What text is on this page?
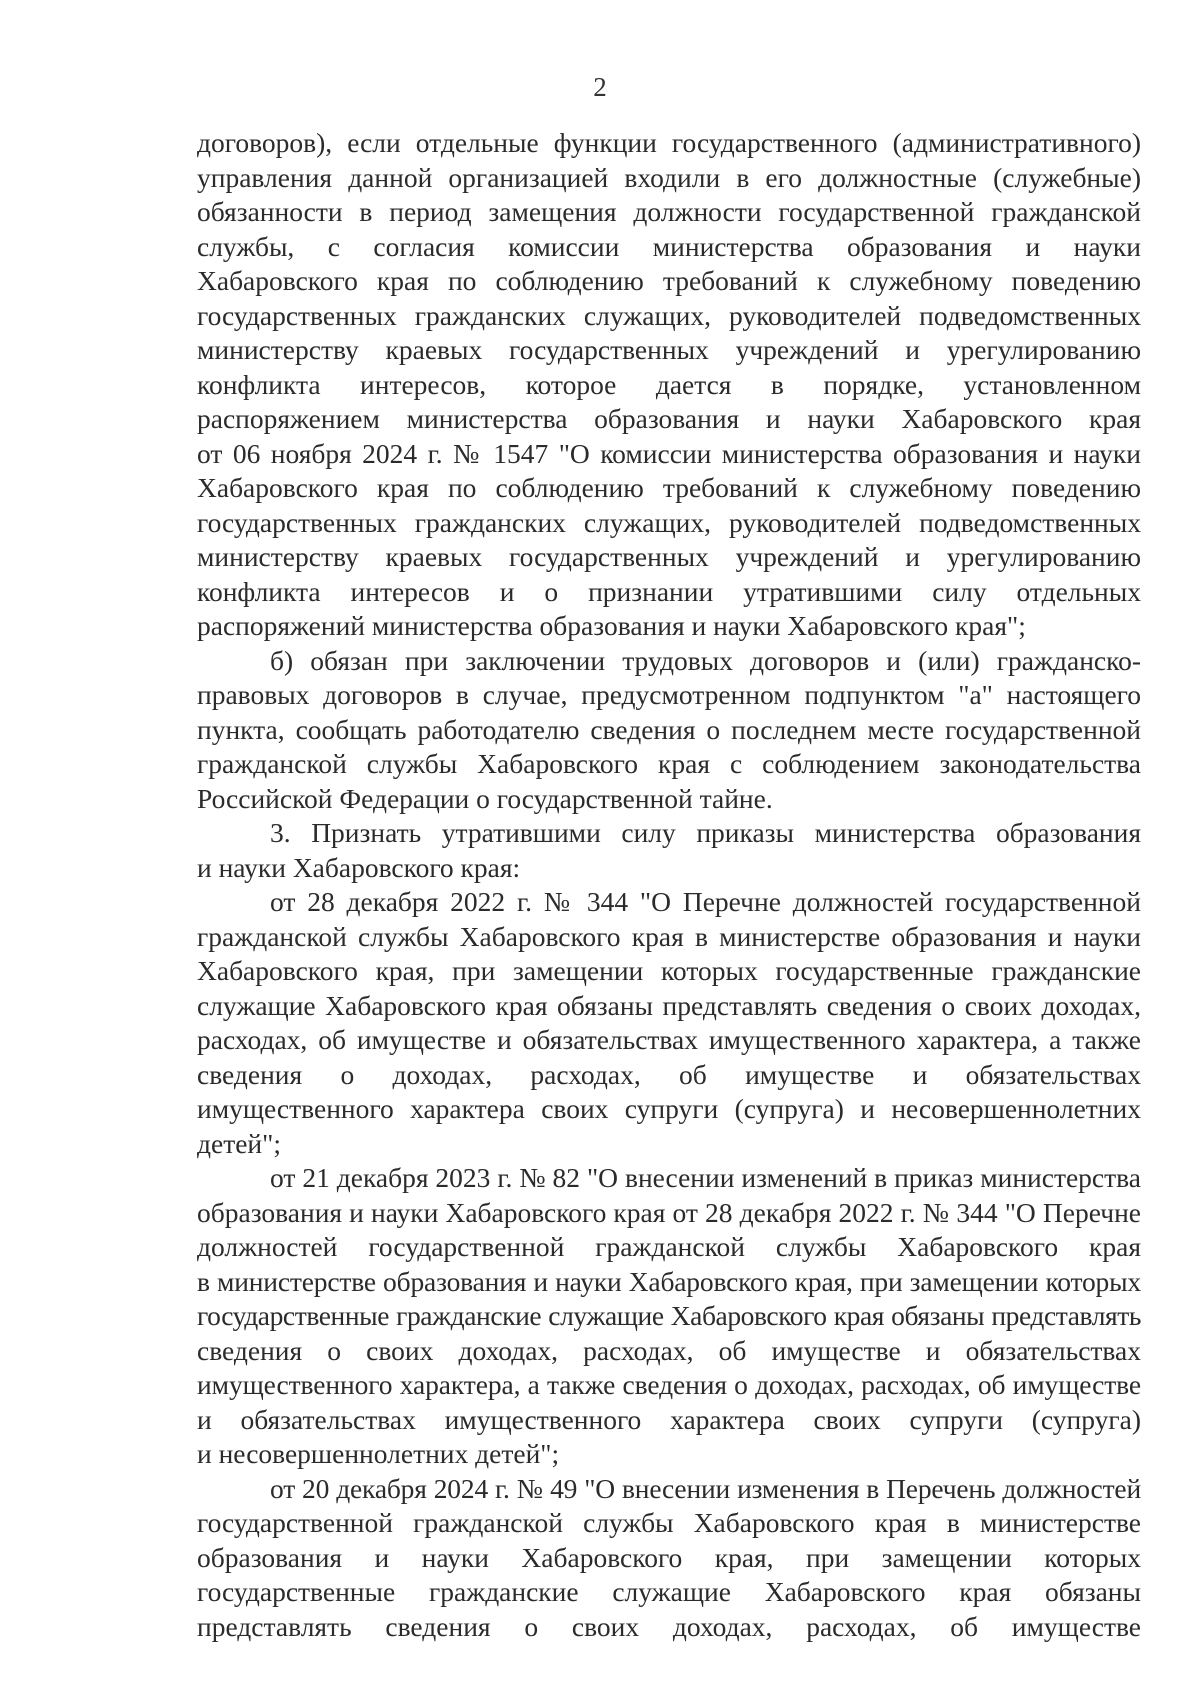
2
договоров), если отдельные функции государственного (административного)
управления данной организацией входили в его должностные (служебные)
обязанности в период замещения должности государственной гражданской
службы, с согласия комиссии министерства образования и науки
Хабаровского края по соблюдению требований к служебному поведению
государственных гражданских служащих, руководителей подведомственных
министерству краевых государственных учреждений и урегулированию
конфликта интересов, которое дается в порядке, установленном
распоряжением министерства образования и науки Хабаровского края
от 06 ноября 2024 г. № 1547 "О комиссии министерства образования и науки
Хабаровского края по соблюдению требований к служебному поведению
государственных гражданских служащих, руководителей подведомственных
министерству краевых государственных учреждений и урегулированию
конфликта интересов и о признании утратившими силу отдельных
распоряжений министерства образования и науки Хабаровского края";
б) обязан при заключении трудовых договоров и (или) гражданско-
правовых договоров в случае, предусмотренном подпунктом "а" настоящего
пункта, сообщать работодателю сведения о последнем месте государственной
гражданской службы Хабаровского края с соблюдением законодательства
Российской Федерации о государственной тайне.
3. Признать утратившими силу приказы министерства образования
и науки Хабаровского края:
от 28 декабря 2022 г. № 344 "О Перечне должностей государственной
гражданской службы Хабаровского края в министерстве образования и науки
Хабаровского края, при замещении которых государственные гражданские
служащие Хабаровского края обязаны представлять сведения о своих доходах,
расходах, об имуществе и обязательствах имущественного характера, а также
сведения о доходах, расходах, об имуществе и обязательствах
имущественного характера своих супруги (супруга) и несовершеннолетних
детей";
от 21 декабря 2023 г. № 82 "О внесении изменений в приказ министерства
образования и науки Хабаровского края от 28 декабря 2022 г. № 344 "О Перечне
должностей государственной гражданской службы Хабаровского края
в министерстве образования и науки Хабаровского края, при замещении которых
государственные гражданские служащие Хабаровского края обязаны представлять
сведения о своих доходах, расходах, об имуществе и обязательствах
имущественного характера, а также сведения о доходах, расходах, об имуществе
и обязательствах имущественного характера своих супруги (супруга)
и несовершеннолетних детей";
от 20 декабря 2024 г. № 49 "О внесении изменения в Перечень должностей
государственной гражданской службы Хабаровского края в министерстве
образования и науки Хабаровского края, при замещении которых
государственные гражданские служащие Хабаровского края обязаны
представлять сведения о своих доходах, расходах, об имуществе
